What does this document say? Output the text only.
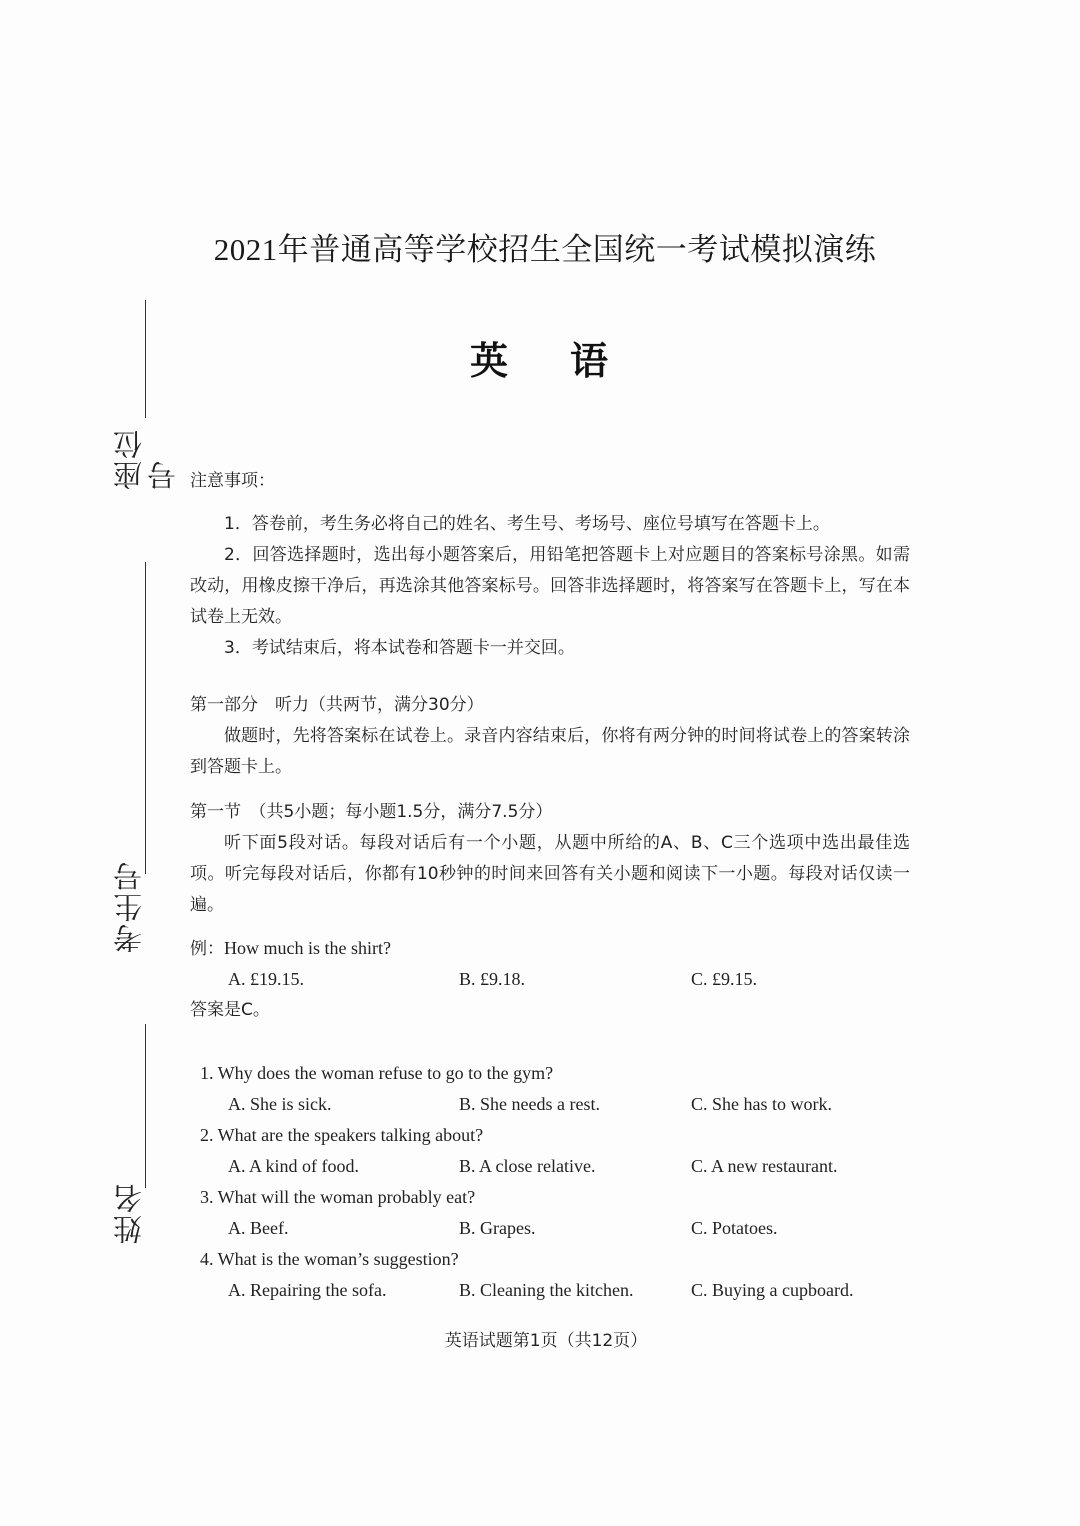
座位号
考生号
姓名
2021年普通高等学校招生全国统一考试模拟演练
英语
注意事项：

1．答卷前，考生务必将自己的姓名、考生号、考场号、座位号填写在答题卡上。

2．回答选择题时，选出每小题答案后，用铅笔把答题卡上对应题目的答案标号涂黑。如需改动，用橡皮擦干净后，再选涂其他答案标号。回答非选择题时，将答案写在答题卡上，写在本试卷上无效。

3．考试结束后，将本试卷和答题卡一并交回。

第一部分　听力（共两节，满分30分）

做题时，先将答案标在试卷上。录音内容结束后，你将有两分钟的时间将试卷上的答案转涂到答题卡上。

第一节　（共5小题；每小题1.5分，满分7.5分）

听下面5段对话。每段对话后有一个小题，从题中所给的A、B、C三个选项中选出最佳选项。听完每段对话后，你都有10秒钟的时间来回答有关小题和阅读下一小题。每段对话仅读一遍。

例：How much is the shirt?
A. £19.15.	B. £9.18.	C. £9.15.
答案是C。
1. Why does the woman refuse to go to the gym?
A. She is sick.	B. She needs a rest.	C. She has to work.
2. What are the speakers talking about?
A. A kind of food.	B. A close relative.	C. A new restaurant.
3. What will the woman probably eat?
A. Beef.	B. Grapes.	C. Potatoes.
4. What is the woman’s suggestion?
A. Repairing the sofa.	B. Cleaning the kitchen.	C. Buying a cupboard.
英语试题第1页（共12页）
